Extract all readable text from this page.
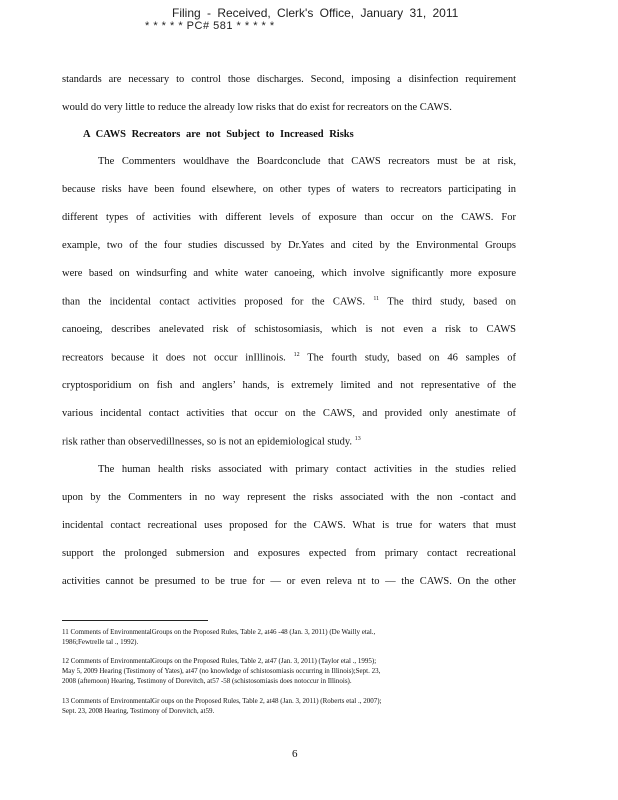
Filing - Received, Clerk's Office, January 31, 2011
* * * * * PC# 581 * * * * *
standards are necessary to control those discharges. Second, imposing a disinfection requirement
would do very little to reduce the already low risks that do exist for recreators on the CAWS.
A CAWS Recreators are not Subject to Increased Risks
The Commenters wouldhave the Boardconclude that CAWS recreators must be at risk,
because risks have been found elsewhere, on other types of waters to recreators participating in
different types of activities with different levels of exposure than occur on the CAWS. For
example, two of the four studies discussed by Dr.Yates and cited by the Environmental Groups
were based on windsurfing and white water canoeing, which involve significantly more exposure
than the incidental contact activities proposed for the CAWS. $^{11}$ The third study, based on
canoeing, describes anelevated risk of schistosomiasis, which is not even a risk to CAWS
recreators because it does not occur inIllinois. $^{12}$ The fourth study, based on 46 samples of
cryptosporidium on fish and anglers’ hands, is extremely limited and not representative of the
various incidental contact activities that occur on the CAWS, and provided only anestimate of
risk rather than observedillnesses, so is not an epidemiological study. $^{13}$
The human health risks associated with primary contact activities in the studies relied
upon by the Commenters in no way represent the risks associated with the non -contact and
incidental contact recreational uses proposed for the CAWS. What is true for waters that must
support the prolonged submersion and exposures expected from primary contact recreational
activities cannot be presumed to be true for — or even releva nt to — the CAWS. On the other
11 Comments of EnvironmentalGroups on the Proposed Rules, Table 2, at46 -48 (Jan. 3, 2011) (De Wailly etal.,
1986;Fewtrelle tal ., 1992).
12 Comments of EnvironmentalGroups on the Proposed Rules, Table 2, at47 (Jan. 3, 2011) (Taylor etal ., 1995);
May 5, 2009 Hearing (Testimony of Yates), at47 (no knowledge of schistosomiasis occurring in Illinois);Sept. 23,
2008 (afternoon) Hearing, Testimony of Dorevitch, at57 -58 (schistosomiasis does notoccur in Illinois).
13 Comments of EnvironmentalGr oups on the Proposed Rules, Table 2, at48 (Jan. 3, 2011) (Roberts etal ., 2007);
Sept. 23, 2008 Hearing, Testimony of Dorevitch, at59.
6
